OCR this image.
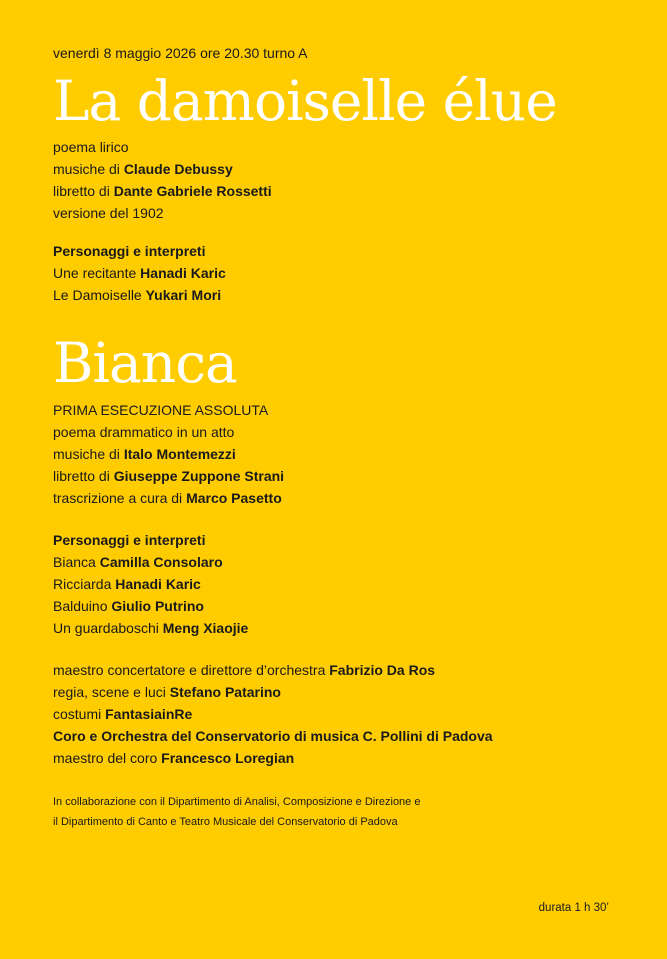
venerdì 8 maggio 2026 ore 20.30 turno A
La damoiselle élue
poema lirico
musiche di Claude Debussy
libretto di Dante Gabriele Rossetti
versione del 1902
Personaggi e interpreti
Une recitante Hanadi Karic
Le Damoiselle Yukari Mori
Bianca
PRIMA ESECUZIONE ASSOLUTA
poema drammatico in un atto
musiche di Italo Montemezzi
libretto di Giuseppe Zuppone Strani
trascrizione a cura di Marco Pasetto
Personaggi e interpreti
Bianca Camilla Consolaro
Ricciarda Hanadi Karic
Balduino Giulio Putrino
Un guardaboschi Meng Xiaojie
maestro concertatore e direttore d’orchestra Fabrizio Da Ros
regia, scene e luci Stefano Patarino
costumi FantasiainRe
Coro e Orchestra del Conservatorio di musica C. Pollini di Padova
maestro del coro Francesco Loregian
In collaborazione con il Dipartimento di Analisi, Composizione e Direzione e
il Dipartimento di Canto e Teatro Musicale del Conservatorio di Padova
durata 1 h 30’
